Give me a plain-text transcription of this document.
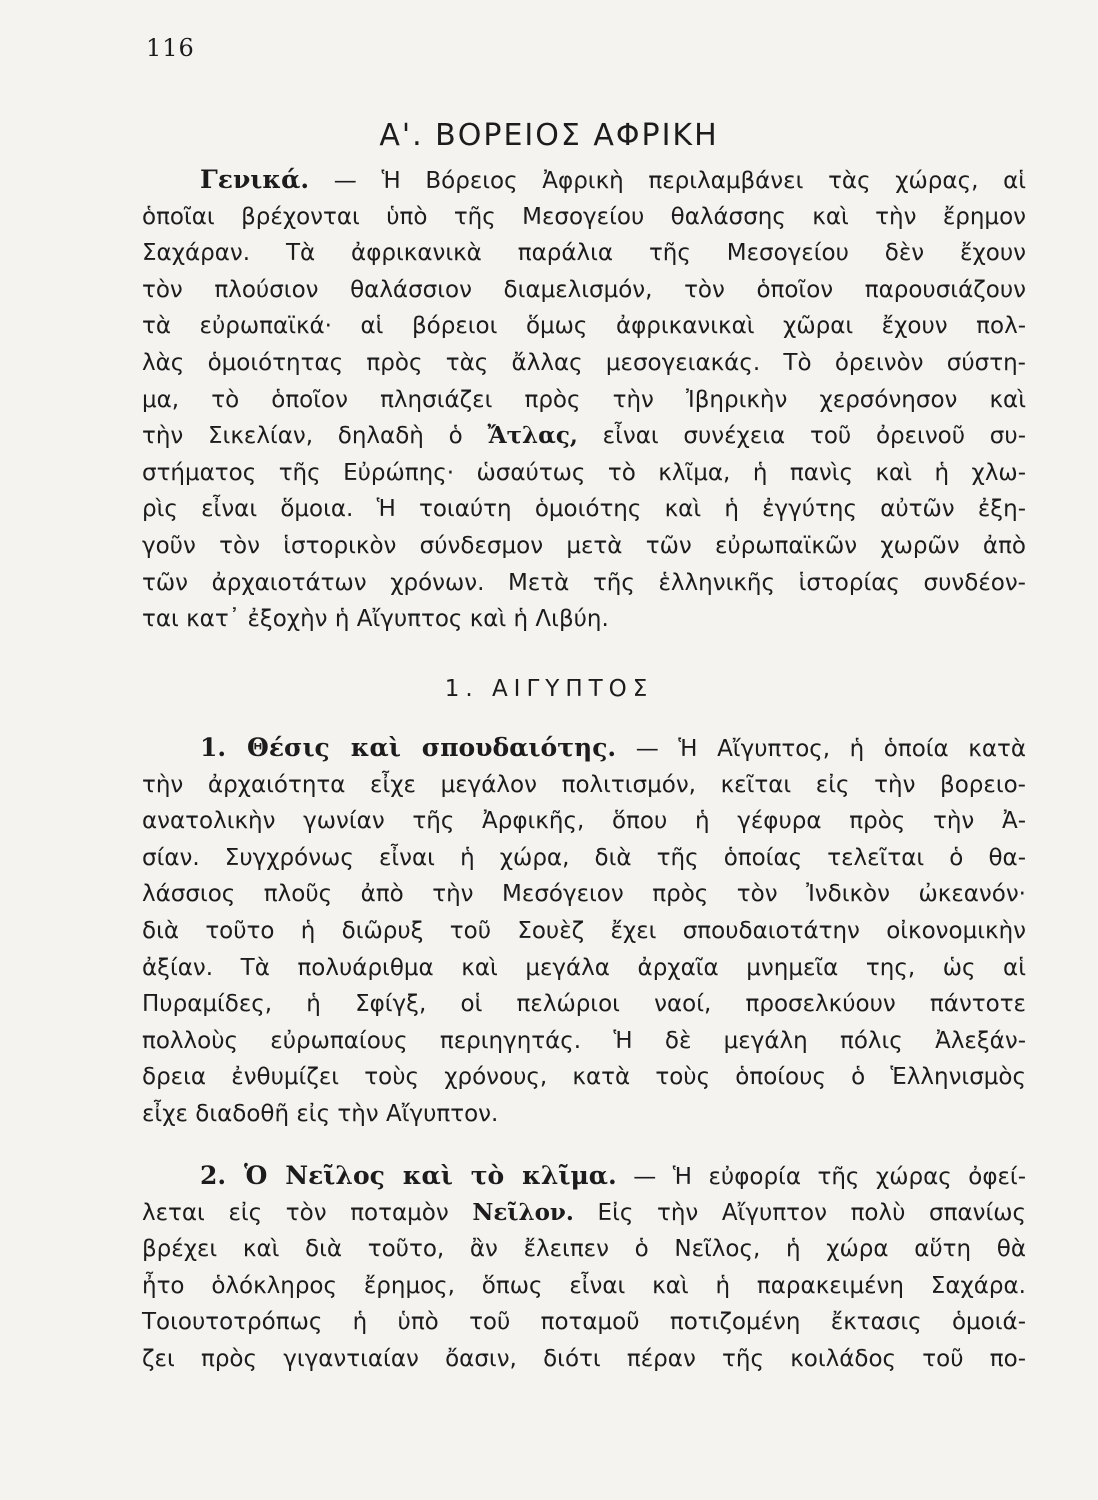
116
Α'. ΒΟΡΕΙΟΣ ΑΦΡΙΚΗ
Γενικά. — Ἡ Βόρειος Ἀφρικὴ περιλαμβάνει τὰς χώρας, αἱ
ὁποῖαι βρέχονται ὑπὸ τῆς Μεσογείου θαλάσσης καὶ τὴν ἔρημον
Σαχάραν. Τὰ ἀφρικανικὰ παράλια τῆς Μεσογείου δὲν ἔχουν
τὸν πλούσιον θαλάσσιον διαμελισμόν, τὸν ὁποῖον παρουσιάζουν
τὰ εὐρωπαϊκά· αἱ βόρειοι ὅμως ἀφρικανικαὶ χῶραι ἔχουν πολ-
λὰς ὁμοιότητας πρὸς τὰς ἄλλας μεσογειακάς. Τὸ ὀρεινὸν σύστη-
μα, τὸ ὁποῖον πλησιάζει πρὸς τὴν Ἰβηρικὴν χερσόνησον καὶ
τὴν Σικελίαν, δηλαδὴ ὁ Ἄτλας, εἶναι συνέχεια τοῦ ὀρεινοῦ συ-
στήματος τῆς Εὐρώπης· ὡσαύτως τὸ κλῖμα, ἡ πανὶς καὶ ἡ χλω-
ρὶς εἶναι ὅμοια. Ἡ τοιαύτη ὁμοιότης καὶ ἡ ἐγγύτης αὐτῶν ἐξη-
γοῦν τὸν ἱστορικὸν σύνδεσμον μετὰ τῶν εὐρωπαϊκῶν χωρῶν ἀπὸ
τῶν ἀρχαιοτάτων χρόνων. Μετὰ τῆς ἑλληνικῆς ἱστορίας συνδέον-
ται κατ᾽ ἐξοχὴν ἡ Αἴγυπτος καὶ ἡ Λιβύη.
1. ΑΙΓΥΠΤΟΣ
1. Θέσις καὶ σπουδαιότης. — Ἡ Αἴγυπτος, ἡ ὁποία κατὰ
τὴν ἀρχαιότητα εἶχε μεγάλον πολιτισμόν, κεῖται εἰς τὴν βορειο-
ανατολικὴν γωνίαν τῆς Ἀρφικῆς, ὅπου ἡ γέφυρα πρὸς τὴν Ἀ-
σίαν. Συγχρόνως εἶναι ἡ χώρα, διὰ τῆς ὁποίας τελεῖται ὁ θα-
λάσσιος πλοῦς ἀπὸ τὴν Μεσόγειον πρὸς τὸν Ἰνδικὸν ὠκεανόν·
διὰ τοῦτο ἡ διῶρυξ τοῦ Σουὲζ ἔχει σπουδαιοτάτην οἰκονομικὴν
ἀξίαν. Τὰ πολυάριθμα καὶ μεγάλα ἀρχαῖα μνημεῖα της, ὡς αἱ
Πυραμίδες, ἡ Σφίγξ, οἱ πελώριοι ναοί, προσελκύουν πάντοτε
πολλοὺς εὐρωπαίους περιηγητάς. Ἡ δὲ μεγάλη πόλις Ἀλεξάν-
δρεια ἐνθυμίζει τοὺς χρόνους, κατὰ τοὺς ὁποίους ὁ Ἑλληνισμὸς
εἶχε διαδοθῆ εἰς τὴν Αἴγυπτον.
2. Ὁ Νεῖλος καὶ τὸ κλῖμα. — Ἡ εὐφορία τῆς χώρας ὀφεί-
λεται εἰς τὸν ποταμὸν Νεῖλον. Εἰς τὴν Αἴγυπτον πολὺ σπανίως
βρέχει καὶ διὰ τοῦτο, ἂν ἔλειπεν ὁ Νεῖλος, ἡ χώρα αὕτη θὰ
ἦτο ὁλόκληρος ἔρημος, ὅπως εἶναι καὶ ἡ παρακειμένη Σαχάρα.
Τοιουτοτρόπως ἡ ὑπὸ τοῦ ποταμοῦ ποτιζομένη ἔκτασις ὁμοιά-
ζει πρὸς γιγαντιαίαν ὄασιν, διότι πέραν τῆς κοιλάδος τοῦ πο-
